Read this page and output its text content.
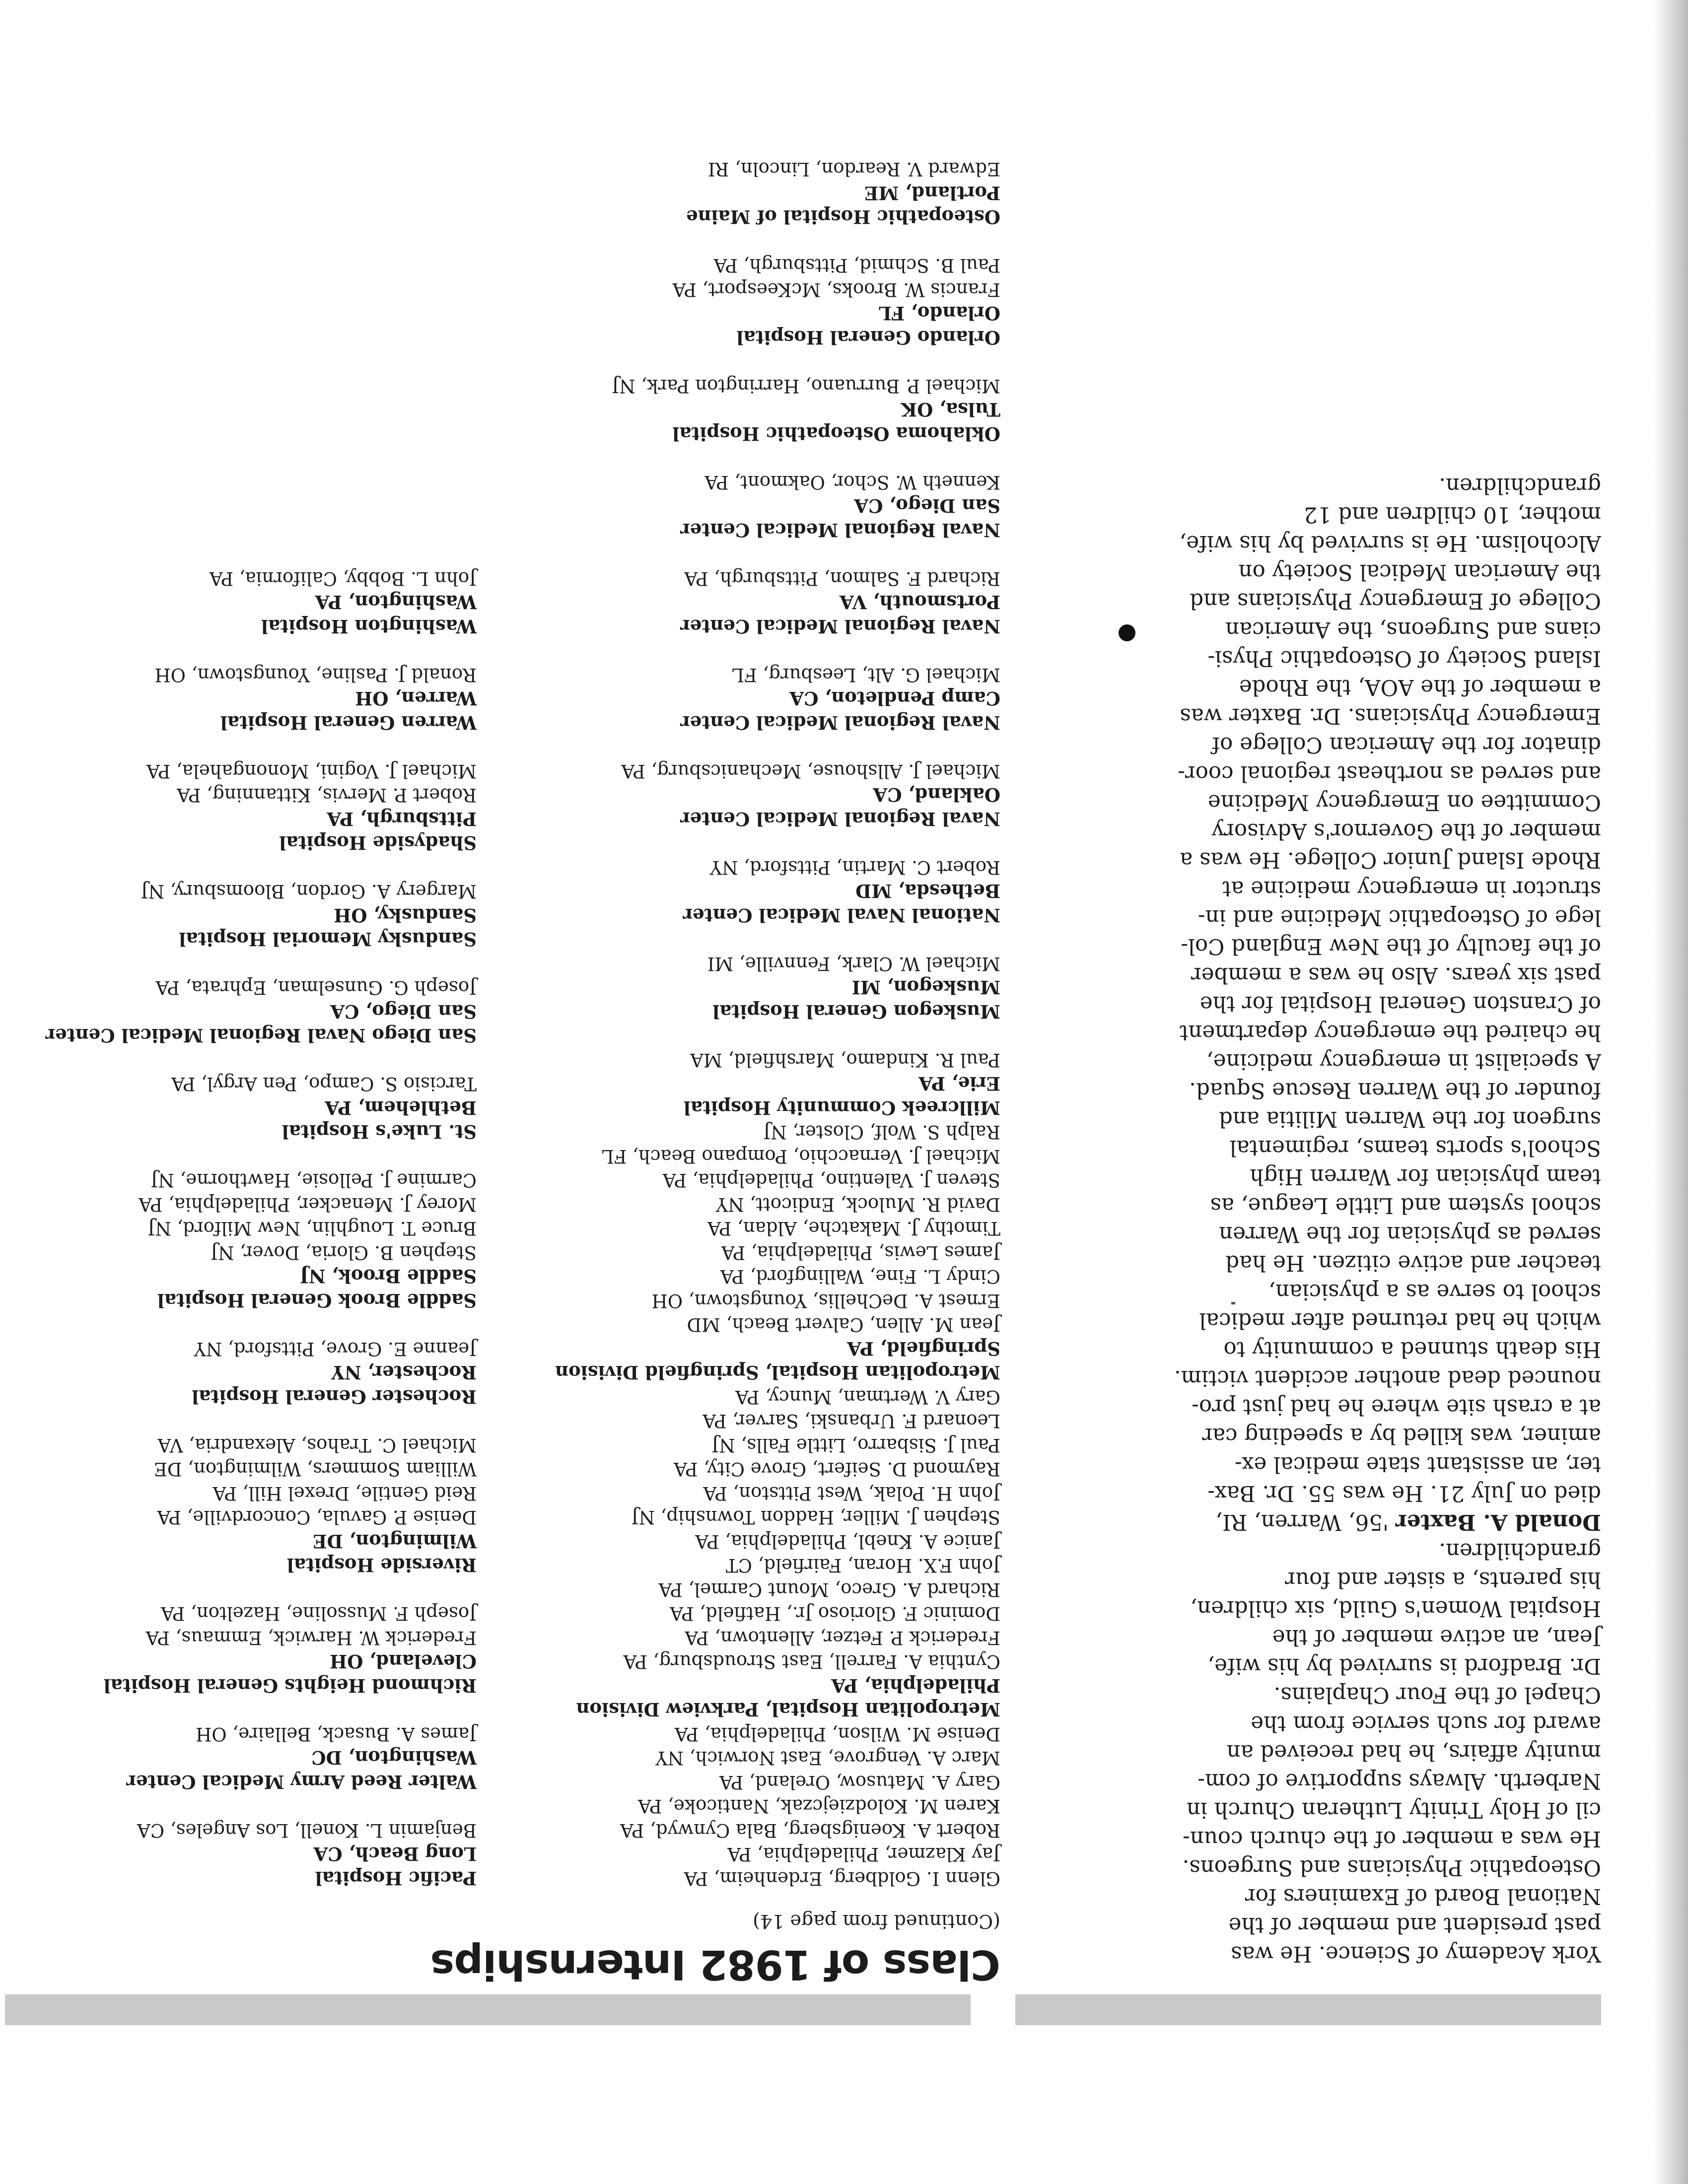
York Academy of Science. He was
past president and member of the
National Board of Examiners for
Osteopathic Physicians and Surgeons.
He was a member of the church coun-
cil of Holy Trinity Lutheran Church in
Narberth. Always supportive of com-
munity affairs, he had received an
award for such service from the
Chapel of the Four Chaplains.

Dr. Bradford is survived by his wife,
Jean, an active member of the
Hospital Women's Guild, six children,
his parents, a sister and four
grandchildren.

Donald A. Baxter '56, Warren, RI,
died on July 21. He was 55. Dr. Bax-
ter, an assistant state medical ex-
aminer, was killed by a speeding car
at a crash site where he had just pro-
nounced dead another accident victim.
His death stunned a community to
which he had returned after medical
school to serve as a physician,
teacher and active citizen. He had
served as physician for the Warren
school system and Little League, as
team physician for Warren High
School's sports teams, regimental
surgeon for the Warren Militia and
founder of the Warren Rescue Squad.

A specialist in emergency medicine,
he chaired the emergency department
of Cranston General Hospital for the
past six years. Also he was a member
of the faculty of the New England Col-
lege of Osteopathic Medicine and in-
structor in emergency medicine at
Rhode Island Junior College. He was a
member of the Governor's Advisory
Committee on Emergency Medicine
and served as northeast regional coor-
dinator for the American College of
Emergency Physicians. Dr. Baxter was
a member of the AOA, the Rhode
Island Society of Osteopathic Physi-
cians and Surgeons, the American
College of Emergency Physicians and
the American Medical Society on
Alcoholism. He is survived by his wife,
mother, 10 children and 12
grandchildren.

Class of 1982 Internships

(Continued from page 14)

Glenn I. Goldberg, Erdenheim, PA
Jay Klazmer, Philadelphia, PA
Robert A. Koenigsberg, Bala Cynwyd, PA
Karen M. Kolodziejczak, Nanticoke, PA
Gary A. Matusow, Oreland, PA
Marc A. Vengrove, East Norwich, NY
Denise M. Wilson, Philadelphia, PA
Metropolitan Hospital, Parkview Division
Philadelphia, PA
Cynthia A. Farrell, East Stroudsburg, PA
Frederick P. Fetzer, Allentown, PA
Dominic F. Glorioso Jr., Hatfield, PA
Richard A. Greco, Mount Carmel, PA
John F.X. Horan, Fairfield, CT
Janice A. Knebl, Philadelphia, PA
Stephen J. Miller, Haddon Township, NJ
John H. Polak, West Pittston, PA
Raymond D. Seifert, Grove City, PA
Paul J. Sisbarro, Little Falls, NJ
Leonard F. Urbanski, Sarver, PA
Gary V. Wertman, Muncy, PA
Metropolitan Hospital, Springfield Division
Springfield, PA
Jean M. Allen, Calvert Beach, MD
Ernest A. DeChellis, Youngstown, OH
Cindy L. Fine, Wallingford, PA
James Lewis, Philadelphia, PA
Timothy J. Makatche, Aldan, PA
David R. Mulock, Endicott, NY
Steven J. Valentino, Philadelphia, PA
Michael J. Vernacchio, Pompano Beach, FL
Ralph S. Wolf, Closter, NJ
Millcreek Community Hospital
Erie, PA
Paul R. Kindamo, Marshfield, MA
Muskegon General Hospital
Muskegon, MI
Michael W. Clark, Fennville, MI
National Naval Medical Center
Bethesda, MD
Robert C. Martin, Pittsford, NY
Naval Regional Medical Center
Oakland, CA
Michael J. Allshouse, Mechanicsburg, PA
Naval Regional Medical Center
Camp Pendleton, CA
Michael G. Alt, Leesburg, FL
Naval Regional Medical Center
Portsmouth, VA
Richard F. Salmon, Pittsburgh, PA
Naval Regional Medical Center
San Diego, CA
Kenneth W. Schor, Oakmont, PA
Oklahoma Osteopathic Hospital
Tulsa, OK
Michael P. Burruano, Harrington Park, NJ
Orlando General Hospital
Orlando, FL
Francis W. Brooks, McKeesport, PA
Paul B. Schmid, Pittsburgh, PA
Osteopathic Hospital of Maine
Portland, ME
Edward V. Reardon, Lincoln, RI
Pacific Hospital
Long Beach, CA
Benjamin L. Konell, Los Angeles, CA
Walter Reed Army Medical Center
Washington, DC
James A. Busack, Bellaire, OH
Richmond Heights General Hospital
Cleveland, OH
Frederick W. Harwick, Emmaus, PA
Joseph F. Mussoline, Hazelton, PA
Riverside Hospital
Wilmington, DE
Denise P. Gavula, Concordville, PA
Reid Gentile, Drexel Hill, PA
William Sommers, Wilmington, DE
Michael C. Trahos, Alexandria, VA
Rochester General Hospital
Rochester, NY
Jeanne E. Grove, Pittsford, NY
Saddle Brook General Hospital
Saddle Brook, NJ
Stephen B. Gloria, Dover, NJ
Bruce T. Loughlin, New Milford, NJ
Morey J. Menacker, Philadelphia, PA
Carmine J. Pellosie, Hawthorne, NJ
St. Luke's Hospital
Bethlehem, PA
Tarcisio S. Campo, Pen Argyl, PA
San Diego Naval Regional Medical Center
San Diego, CA
Joseph G. Gunselman, Ephrata, PA
Sandusky Memorial Hospital
Sandusky, OH
Margery A. Gordon, Bloomsbury, NJ
Shadyside Hospital
Pittsburgh, PA
Robert P. Mervis, Kittanning, PA
Michael J. Vogini, Monongahela, PA
Warren General Hospital
Warren, OH
Ronald J. Pasline, Youngstown, OH
Washington Hospital
Washington, PA
John L. Bobby, California, PA
